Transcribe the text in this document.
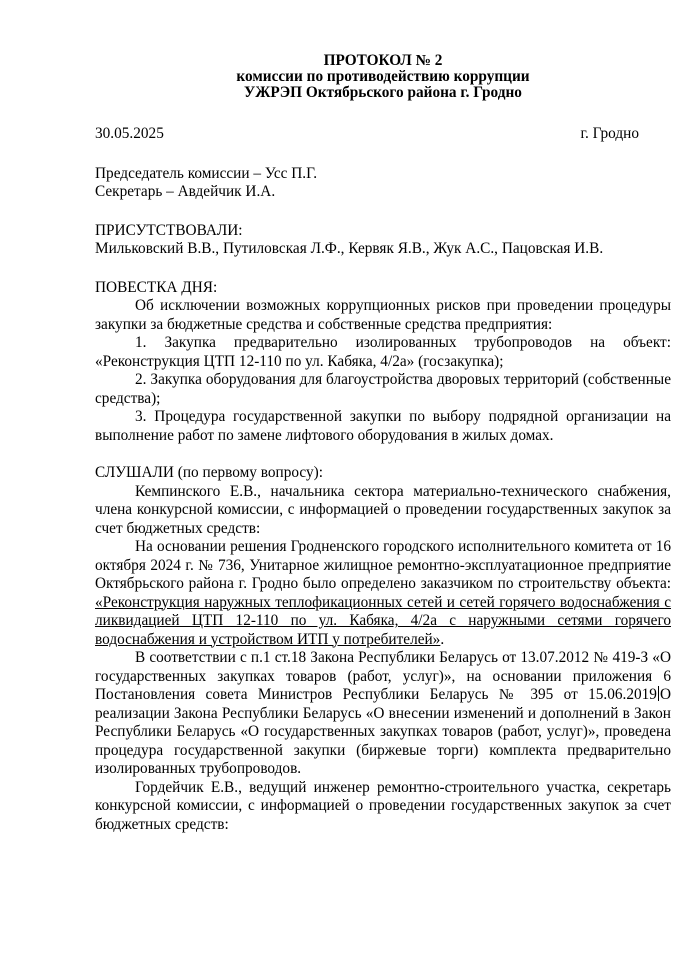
ПРОТОКОЛ № 2
комиссии по противодействию коррупции
УЖРЭП Октябрьского района г. Гродно
30.05.2025	г. Гродно
Председатель комиссии – Усс П.Г.
Секретарь – Авдейчик И.А.
ПРИСУТСТВОВАЛИ:
Мильковский В.В., Путиловская Л.Ф., Кервяк Я.В., Жук А.С., Пацовская И.В.
ПОВЕСТКА ДНЯ:
Об исключении возможных коррупционных рисков при проведении процедуры закупки за бюджетные средства и собственные средства предприятия:
1. Закупка предварительно изолированных трубопроводов на объект: «Реконструкция ЦТП 12-110 по ул. Кабяка, 4/2а» (госзакупка);
2. Закупка оборудования для благоустройства дворовых территорий (собственные средства);
3. Процедура государственной закупки по выбору подрядной организации на выполнение работ по замене лифтового оборудования в жилых домах.
СЛУШАЛИ (по первому вопросу):
Кемпинского Е.В., начальника сектора материально-технического снабжения, члена конкурсной комиссии, с информацией о проведении государственных закупок за счет бюджетных средств:
На основании решения Гродненского городского исполнительного комитета от 16 октября 2024 г. № 736, Унитарное жилищное ремонтно-эксплуатационное предприятие Октябрьского района г. Гродно было определено заказчиком по строительству объекта: «Реконструкция наружных теплофикационных сетей и сетей горячего водоснабжения с ликвидацией ЦТП 12-110 по ул. Кабяка, 4/2а с наружными сетями горячего водоснабжения и устройством ИТП у потребителей».
В соответствии с п.1 ст.18 Закона Республики Беларусь от 13.07.2012 № 419-З «О государственных закупках товаров (работ, услуг)», на основании приложения 6 Постановления совета Министров Республики Беларусь № 395 от 15.06.2019 О реализации Закона Республики Беларусь «О внесении изменений и дополнений в Закон Республики Беларусь «О государственных закупках товаров (работ, услуг)», проведена процедура государственной закупки (биржевые торги) комплекта предварительно изолированных трубопроводов.
Гордейчик Е.В., ведущий инженер ремонтно-строительного участка, секретарь конкурсной комиссии, с информацией о проведении государственных закупок за счет бюджетных средств:
